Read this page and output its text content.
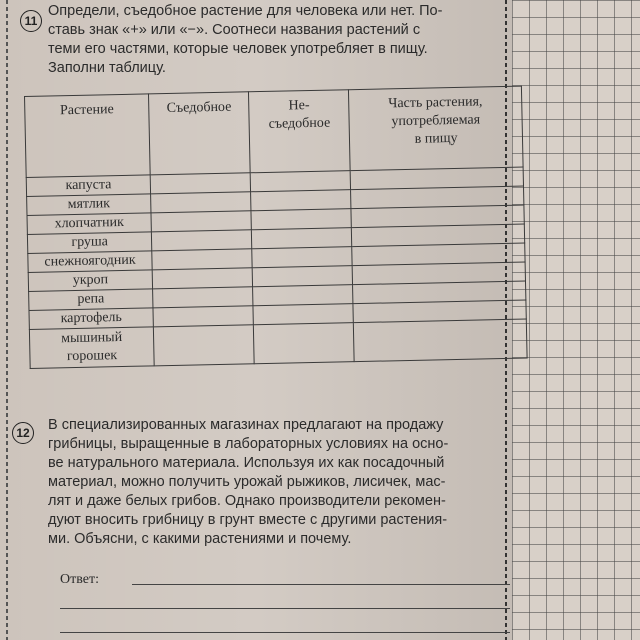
11
Определи, съедобное растение для человека или нет. По-
ставь знак «+» или «−». Соотнеси названия растений с
теми его частями, которые человек употребляет в пищу.
Заполни таблицу.
Растение	Съедобное	Не-
съедобное	Часть растения,
употребляемая
в пищу
капуста			
мятлик			
хлопчатник			
груша			
снежноягодник			
укроп			
репа			
картофель			
мышиный
горошек			
12	В специализированных магазинах предлагают на продажу
грибницы, выращенные в лабораторных условиях на осно-
ве натурального материала. Используя их как посадочный
материал, можно получить урожай рыжиков, лисичек, мас-
лят и даже белых грибов. Однако производители рекомен-
дуют вносить грибницу в грунт вместе с другими растения-
ми. Объясни, с какими растениями и почему.
Ответ:
